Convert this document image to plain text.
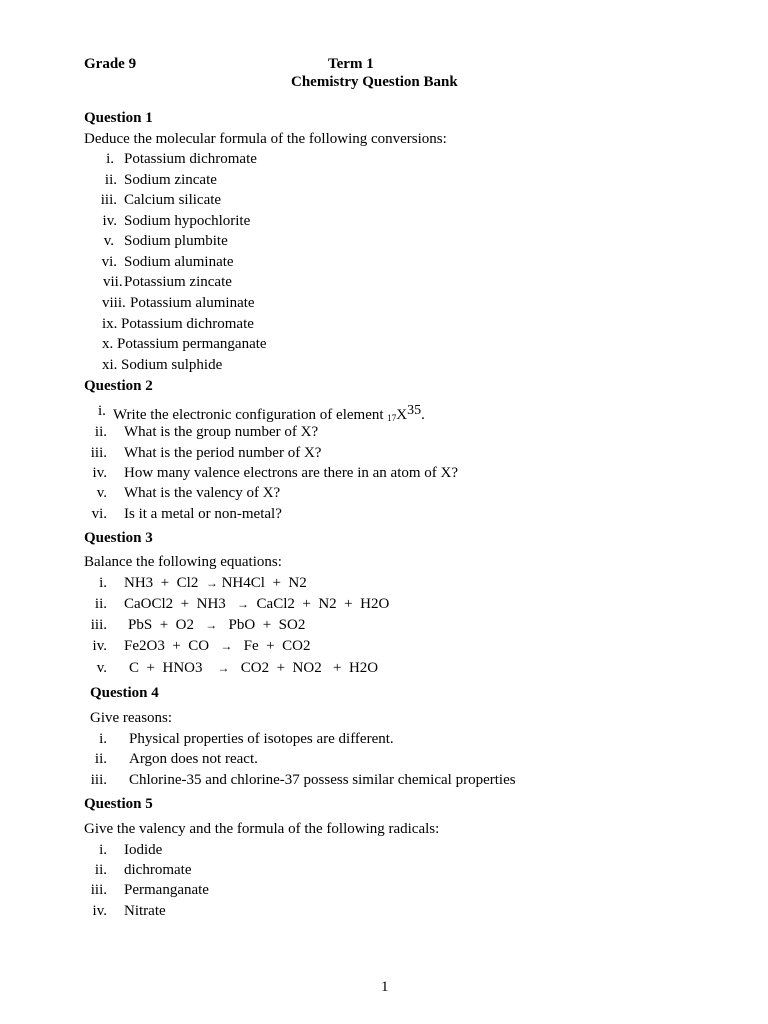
Grade 9	Term 1
Chemistry Question Bank
Question 1
Deduce the molecular formula of the following conversions:
i. Potassium dichromate
ii. Sodium zincate
iii. Calcium silicate
iv. Sodium hypochlorite
v. Sodium plumbite
vi. Sodium aluminate
vii. Potassium zincate
viii. Potassium aluminate
ix. Potassium dichromate
x. Potassium permanganate
xi. Sodium sulphide
Question 2
i. Write the electronic configuration of element $_{17}X^{35}$.
ii. What is the group number of X?
iii. What is the period number of X?
iv. How many valence electrons are there in an atom of X?
v. What is the valency of X?
vi. Is it a metal or non-metal?
Question 3
Balance the following equations:
i. NH3 + Cl2 → NH4Cl + N2
ii. CaOCl2  +  NH3 → CaCl2  +  N2  +  H2O
iii. PbS + O2 → PbO + SO2
iv. Fe2O3  +  CO → Fe  +  CO2
v. C + HNO3 → CO2 + NO2 + H2O
Question 4
Give reasons:
i. Physical properties of isotopes are different.
ii. Argon does not react.
iii. Chlorine-35 and chlorine-37 possess similar chemical properties
Question 5
Give the valency and the formula of the following radicals:
i. Iodide
ii. dichromate
iii. Permanganate
iv. Nitrate
1
